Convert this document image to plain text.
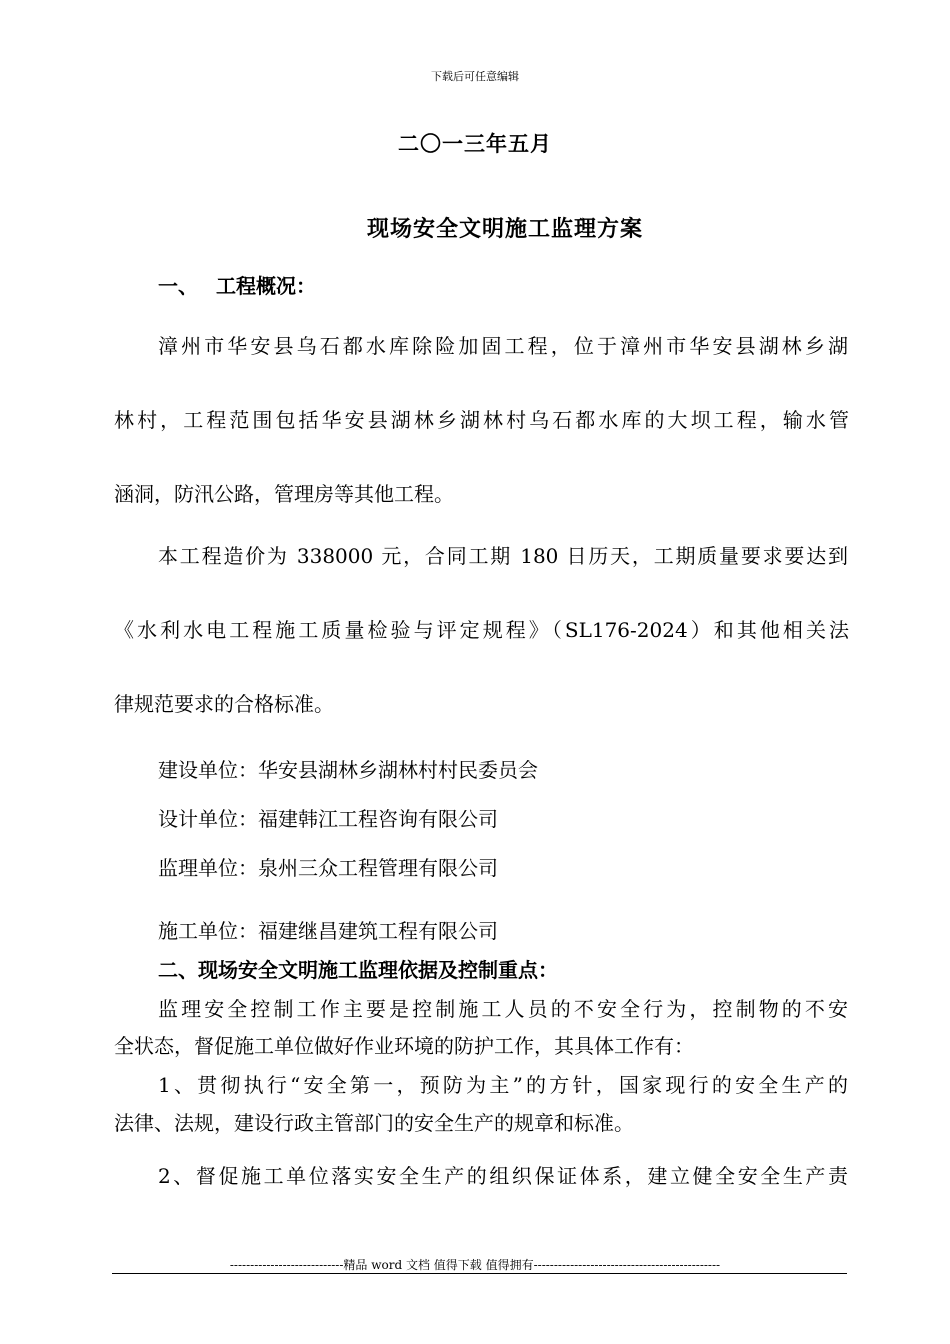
下载后可任意编辑
二〇一三年五月
现场安全文明施工监理方案
一、 工程概况：
漳州市华安县乌石都水库除险加固工程，位于漳州市华安县湖林乡湖
林村，工程范围包括华安县湖林乡湖林村乌石都水库的大坝工程，输水管
涵洞，防汛公路，管理房等其他工程。
本工程造价为 338000 元，合同工期 180 日历天，工期质量要求要达到
《水利水电工程施工质量检验与评定规程》（SL176-2024）和其他相关法
律规范要求的合格标准。
建设单位：华安县湖林乡湖林村村民委员会
设计单位：福建韩江工程咨询有限公司
监理单位：泉州三众工程管理有限公司
施工单位：福建继昌建筑工程有限公司
二、现场安全文明施工监理依据及控制重点：
监理安全控制工作主要是控制施工人员的不安全行为，控制物的不安
全状态，督促施工单位做好作业环境的防护工作，其具体工作有：
1、贯彻执行“安全第一，预防为主”的方针，国家现行的安全生产的
法律、法规，建设行政主管部门的安全生产的规章和标准。
2、督促施工单位落实安全生产的组织保证体系，建立健全安全生产责
----------------------------精品 word 文档 值得下载 值得拥有----------------------------------------------
